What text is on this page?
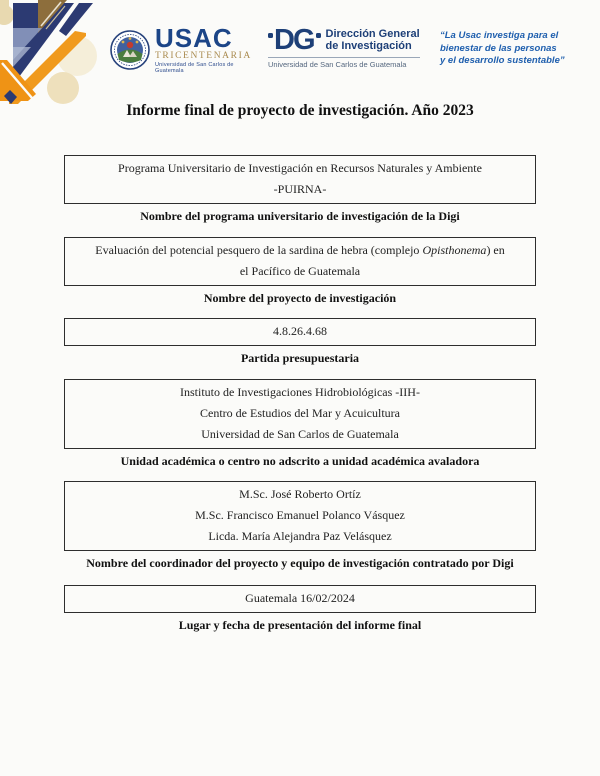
USAC
TRICENTENARIA
Universidad de San Carlos de Guatemala
DG Dirección General
de Investigación
Universidad de San Carlos de Guatemala
“La Usac investiga para el
bienestar de las personas
y el desarrollo sustentable”
Informe final de proyecto de investigación. Año 2023
Programa Universitario de Investigación en Recursos Naturales y Ambiente
-PUIRNA-
Nombre del programa universitario de investigación de la Digi
Evaluación del potencial pesquero de la sardina de hebra (complejo Opisthonema) en
el Pacífico de Guatemala
Nombre del proyecto de investigación
4.8.26.4.68
Partida presupuestaria
Instituto de Investigaciones Hidrobiológicas -IIH-
Centro de Estudios del Mar y Acuicultura
Universidad de San Carlos de Guatemala
Unidad académica o centro no adscrito a unidad académica avaladora
M.Sc. José Roberto Ortíz
M.Sc. Francisco Emanuel Polanco Vásquez
Licda. María Alejandra Paz Velásquez
Nombre del coordinador del proyecto y equipo de investigación contratado por Digi
Guatemala 16/02/2024
Lugar y fecha de presentación del informe final
